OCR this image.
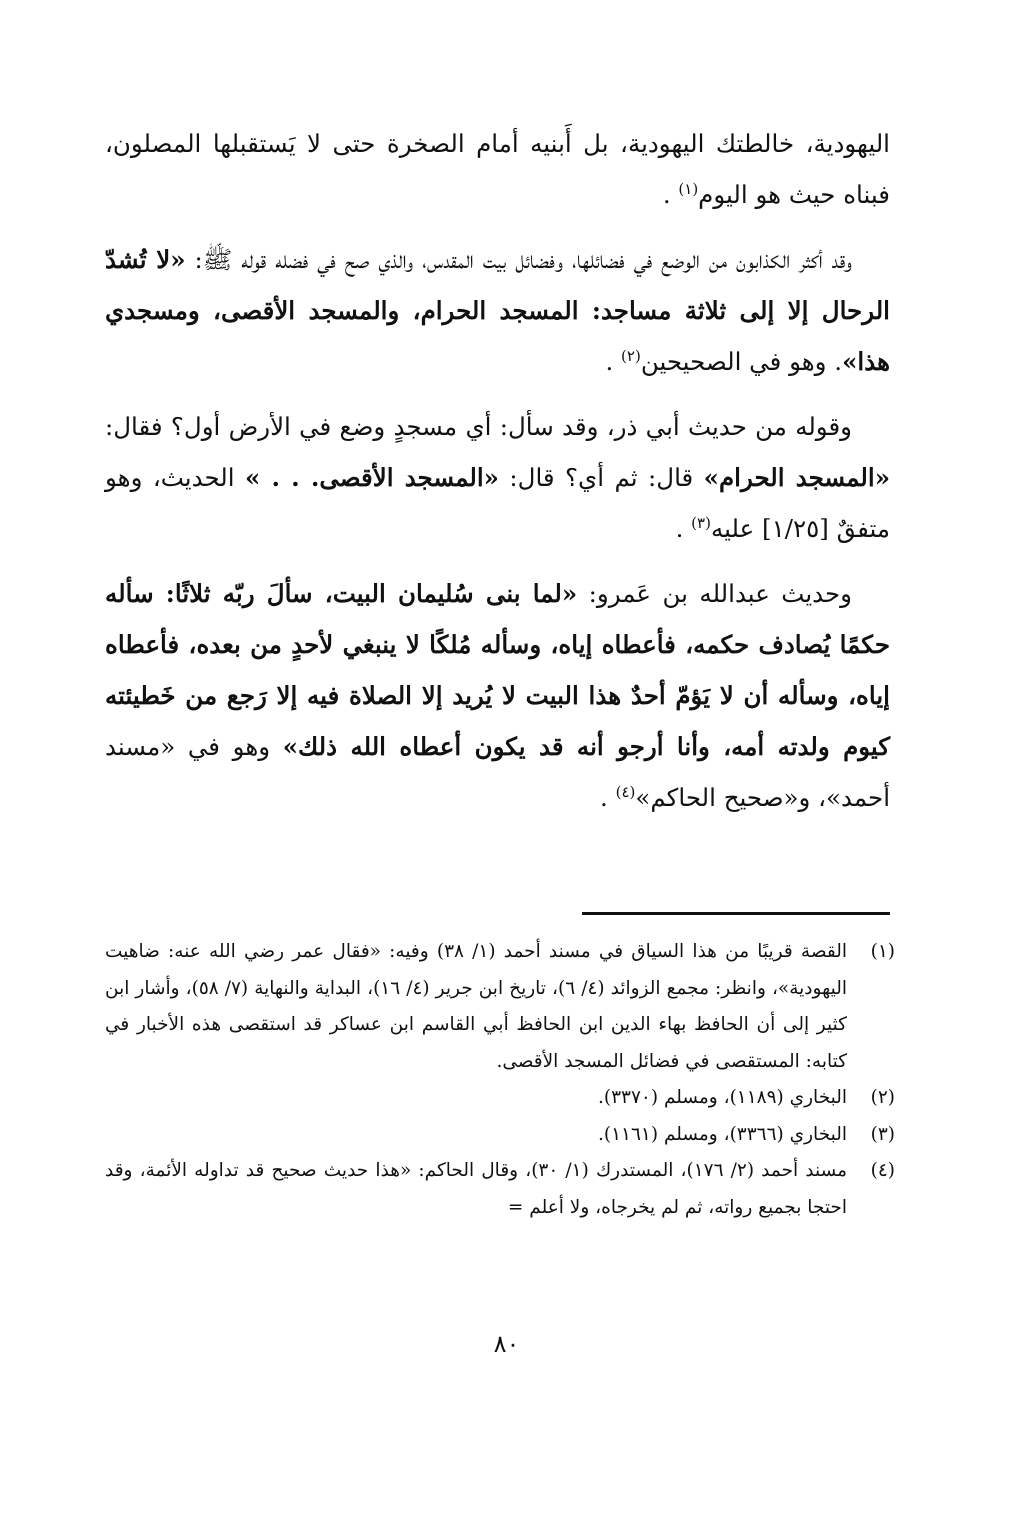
اليهودية، خالطتك اليهودية، بل أَبنيه أمام الصخرة حتى لا يَستقبلها المصلون، فبناه حيث هو اليوم$^{(١)}$ .

وقد أكثر الكذابون من الوضع في فضائلها، وفضائل بيت المقدس، والذي صح في فضله قوله ﷺ: «لا تُشدّ الرحال إلا إلى ثلاثة مساجد: المسجد الحرام، والمسجد الأقصى، ومسجدي هذا». وهو في الصحيحين$^{(٢)}$ .

وقوله من حديث أبي ذر، وقد سأل: أي مسجدٍ وضع في الأرض أول؟ فقال: «المسجد الحرام» قال: ثم أي؟ قال: «المسجد الأقصى. . . » الحديث، وهو متفقٌ [١/٢٥] عليه$^{(٣)}$ .

وحديث عبدالله بن عَمرو: «لما بنى سُليمان البيت، سألَ ربّه ثلاثًا: سأله حكمًا يُصادف حكمه، فأعطاه إياه، وسأله مُلكًا لا ينبغي لأحدٍ من بعده، فأعطاه إياه، وسأله أن لا يَؤمّ أحدٌ هذا البيت لا يُريد إلا الصلاة فيه إلا رَجع من خَطيئته كيوم ولدته أمه، وأنا أرجو أنه قد يكون أعطاه الله ذلك» وهو في «مسند أحمد»، و«صحيح الحاكم»$^{(٤)}$ .

(١)
القصة قريبًا من هذا السياق في مسند أحمد (١/ ٣٨) وفيه: «فقال عمر رضي الله عنه: ضاهيت اليهودية»، وانظر: مجمع الزوائد (٤/ ٦)، تاريخ ابن جرير (٤/ ١٦)، البداية والنهاية (٧/ ٥٨)، وأشار ابن كثير إلى أن الحافظ بهاء الدين ابن الحافظ أبي القاسم ابن عساكر قد استقصى هذه الأخبار في كتابه: المستقصى في فضائل المسجد الأقصى.
(٢)
البخاري (١١٨٩)، ومسلم (٣٣٧٠).
(٣)
البخاري (٣٣٦٦)، ومسلم (١١٦١).
(٤)
مسند أحمد (٢/ ١٧٦)، المستدرك (١/ ٣٠)، وقال الحاكم: «هذا حديث صحيح قد تداوله الأئمة، وقد احتجا بجميع رواته، ثم لم يخرجاه، ولا أعلم =
٨٠
